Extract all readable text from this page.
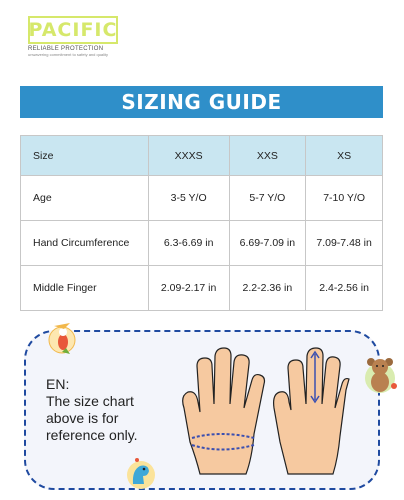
PACIFIC
RELIABLE PROTECTION
unwavering commitment to safety and quality
SIZING GUIDE
Size	XXXS	XXS	XS
Age	3-5 Y/O	5-7 Y/O	7-10 Y/O
Hand Circumference	6.3-6.69 in	6.69-7.09 in	7.09-7.48 in
Middle Finger	2.09-2.17 in	2.2-2.36 in	2.4-2.56 in

EN:

The size chart above is for reference only.
